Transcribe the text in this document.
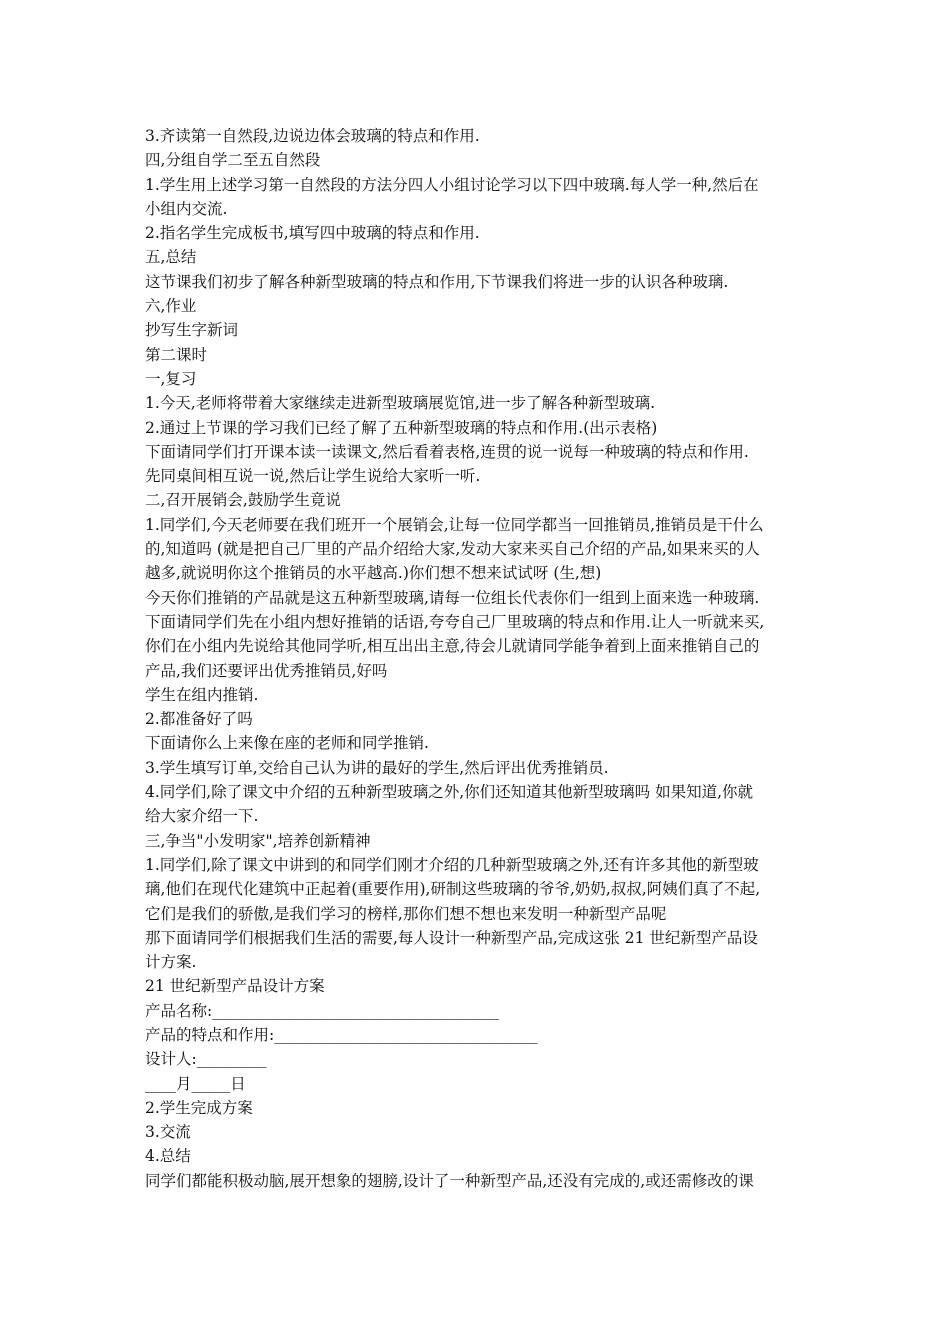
3.齐读第一自然段,边说边体会玻璃的特点和作用.
四,分组自学二至五自然段
1.学生用上述学习第一自然段的方法分四人小组讨论学习以下四中玻璃.每人学一种,然后在
小组内交流.
2.指名学生完成板书,填写四中玻璃的特点和作用.
五,总结
这节课我们初步了解各种新型玻璃的特点和作用,下节课我们将进一步的认识各种玻璃.
六,作业
抄写生字新词
第二课时
一,复习
1.今天,老师将带着大家继续走进新型玻璃展览馆,进一步了解各种新型玻璃.
2.通过上节课的学习我们已经了解了五种新型玻璃的特点和作用.(出示表格)
下面请同学们打开课本读一读课文,然后看着表格,连贯的说一说每一种玻璃的特点和作用.
先同桌间相互说一说,然后让学生说给大家听一听.
二,召开展销会,鼓励学生竟说
1.同学们,今天老师要在我们班开一个展销会,让每一位同学都当一回推销员,推销员是干什么
的,知道吗 (就是把自己厂里的产品介绍给大家,发动大家来买自己介绍的产品,如果来买的人
越多,就说明你这个推销员的水平越高.)你们想不想来试试呀 (生,想)
今天你们推销的产品就是这五种新型玻璃,请每一位组长代表你们一组到上面来选一种玻璃.
下面请同学们先在小组内想好推销的话语,夸夸自己厂里玻璃的特点和作用.让人一听就来买,
你们在小组内先说给其他同学听,相互出出主意,待会儿就请同学能争着到上面来推销自己的
产品,我们还要评出优秀推销员,好吗
学生在组内推销.
2.都准备好了吗
下面请你么上来像在座的老师和同学推销.
3.学生填写订单,交给自己认为讲的最好的学生,然后评出优秀推销员.
4.同学们,除了课文中介绍的五种新型玻璃之外,你们还知道其他新型玻璃吗 如果知道,你就
给大家介绍一下.
三,争当"小发明家",培养创新精神
1.同学们,除了课文中讲到的和同学们刚才介绍的几种新型玻璃之外,还有许多其他的新型玻
璃,他们在现代化建筑中正起着(重要作用),研制这些玻璃的爷爷,奶奶,叔叔,阿姨们真了不起,
它们是我们的骄傲,是我们学习的榜样,那你们想不想也来发明一种新型产品呢
那下面请同学们根据我们生活的需要,每人设计一种新型产品,完成这张 21 世纪新型产品设
计方案.
21 世纪新型产品设计方案
产品名称:_____________________________________
产品的特点和作用:__________________________________
设计人:_________
____月_____日
2.学生完成方案
3.交流
4.总结
同学们都能积极动脑,展开想象的翅膀,设计了一种新型产品,还没有完成的,或还需修改的课
